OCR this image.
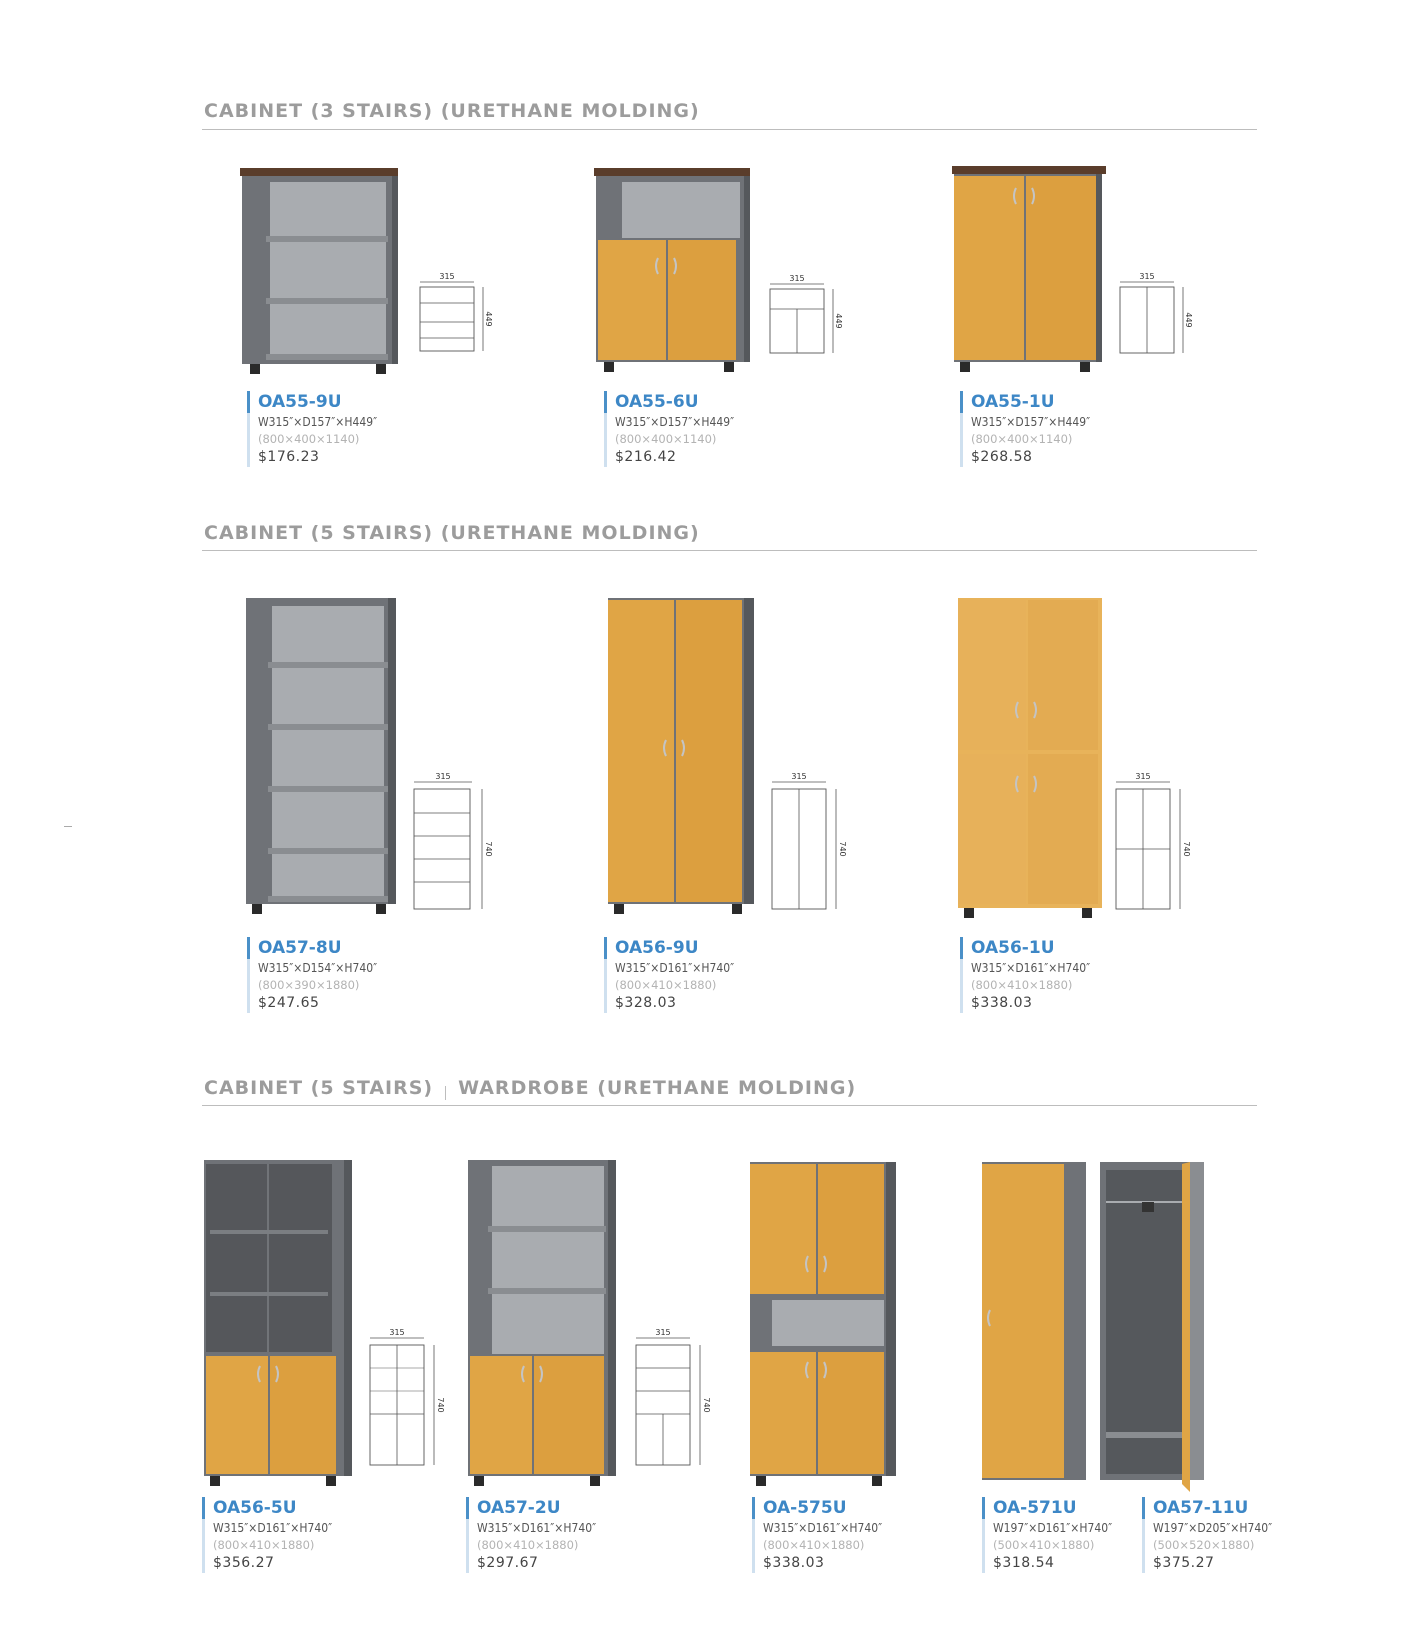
CABINET (3 STAIRS) (URETHANE MOLDING)
315
449
OA55-9U
W315″×D157″×H449″
(800×400×1140)
$176.23
315
449
OA55-6U
W315″×D157″×H449″
(800×400×1140)
$216.42
315
449
OA55-1U
W315″×D157″×H449″
(800×400×1140)
$268.58
CABINET (5 STAIRS) (URETHANE MOLDING)
315
740
OA57-8U
W315″×D154″×H740″
(800×390×1880)
$247.65
315
740
OA56-9U
W315″×D161″×H740″
(800×410×1880)
$328.03
315
740
OA56-1U
W315″×D161″×H740″
(800×410×1880)
$338.03
CABINET (5 STAIRS) WARDROBE (URETHANE MOLDING)
315
740
OA56-5U
W315″×D161″×H740″
(800×410×1880)
$356.27
315
740
OA57-2U
W315″×D161″×H740″
(800×410×1880)
$297.67
OA-575U
W315″×D161″×H740″
(800×410×1880)
$338.03
OA-571U
W197″×D161″×H740″
(500×410×1880)
$318.54
OA57-11U
W197″×D205″×H740″
(500×520×1880)
$375.27
